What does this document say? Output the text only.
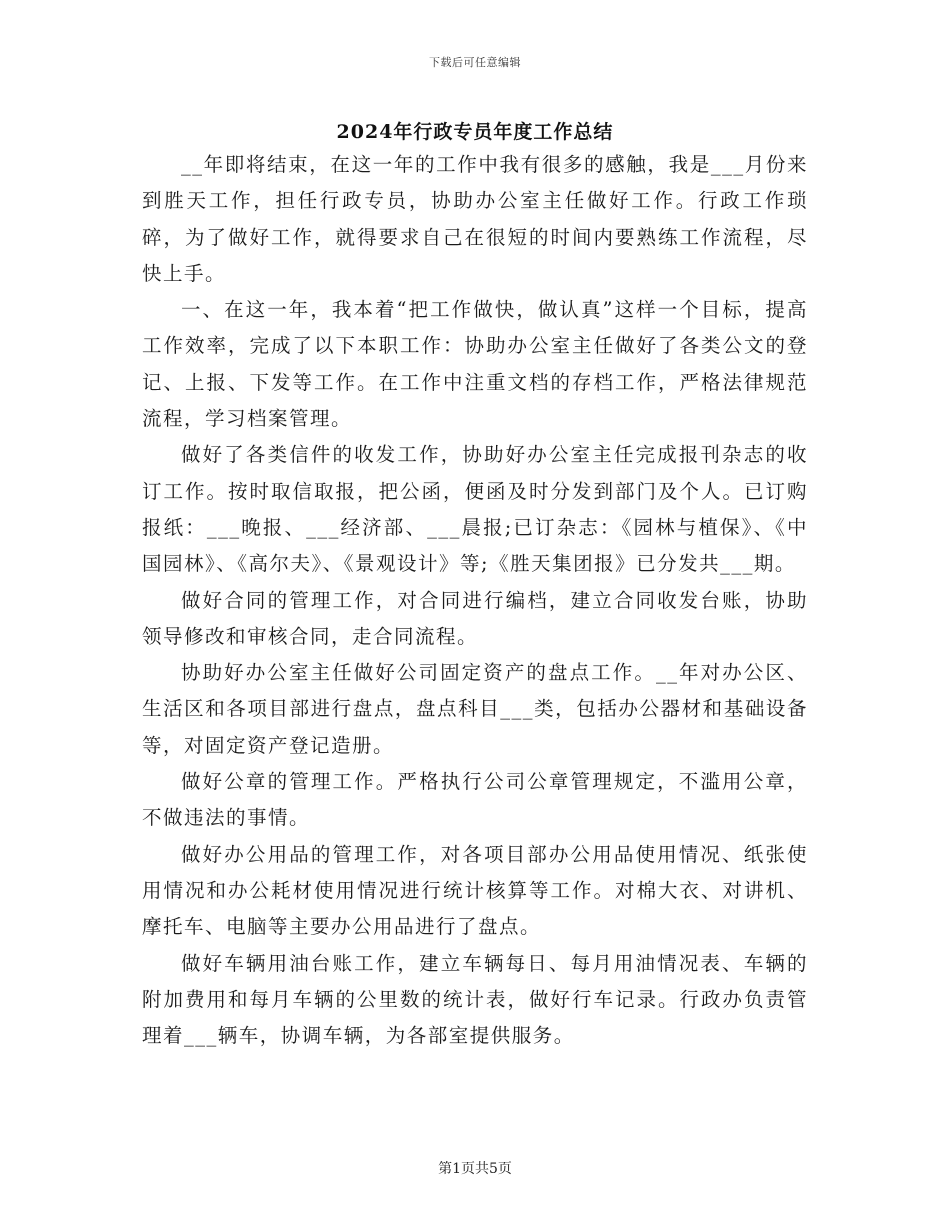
下载后可任意编辑
2024年行政专员年度工作总结

__年即将结束，在这一年的工作中我有很多的感触，我是___月份来到胜天工作，担任行政专员，协助办公室主任做好工作。行政工作琐碎，为了做好工作，就得要求自己在很短的时间内要熟练工作流程，尽快上手。

一、在这一年，我本着“把工作做快，做认真”这样一个目标，提高工作效率，完成了以下本职工作：协助办公室主任做好了各类公文的登记、上报、下发等工作。在工作中注重文档的存档工作，严格法律规范流程，学习档案管理。

做好了各类信件的收发工作，协助好办公室主任完成报刊杂志的收订工作。按时取信取报，把公函，便函及时分发到部门及个人。已订购报纸：___晚报、___经济部、___晨报;已订杂志：《园林与植保》、《中国园林》、《高尔夫》、《景观设计》等;《胜天集团报》已分发共___期。

做好合同的管理工作，对合同进行编档，建立合同收发台账，协助领导修改和审核合同，走合同流程。

协助好办公室主任做好公司固定资产的盘点工作。__年对办公区、生活区和各项目部进行盘点，盘点科目___类，包括办公器材和基础设备等，对固定资产登记造册。

做好公章的管理工作。严格执行公司公章管理规定，不滥用公章，不做违法的事情。

做好办公用品的管理工作，对各项目部办公用品使用情况、纸张使用情况和办公耗材使用情况进行统计核算等工作。对棉大衣、对讲机、摩托车、电脑等主要办公用品进行了盘点。

做好车辆用油台账工作，建立车辆每日、每月用油情况表、车辆的附加费用和每月车辆的公里数的统计表，做好行车记录。行政办负责管理着___辆车，协调车辆，为各部室提供服务。

第1页共5页
